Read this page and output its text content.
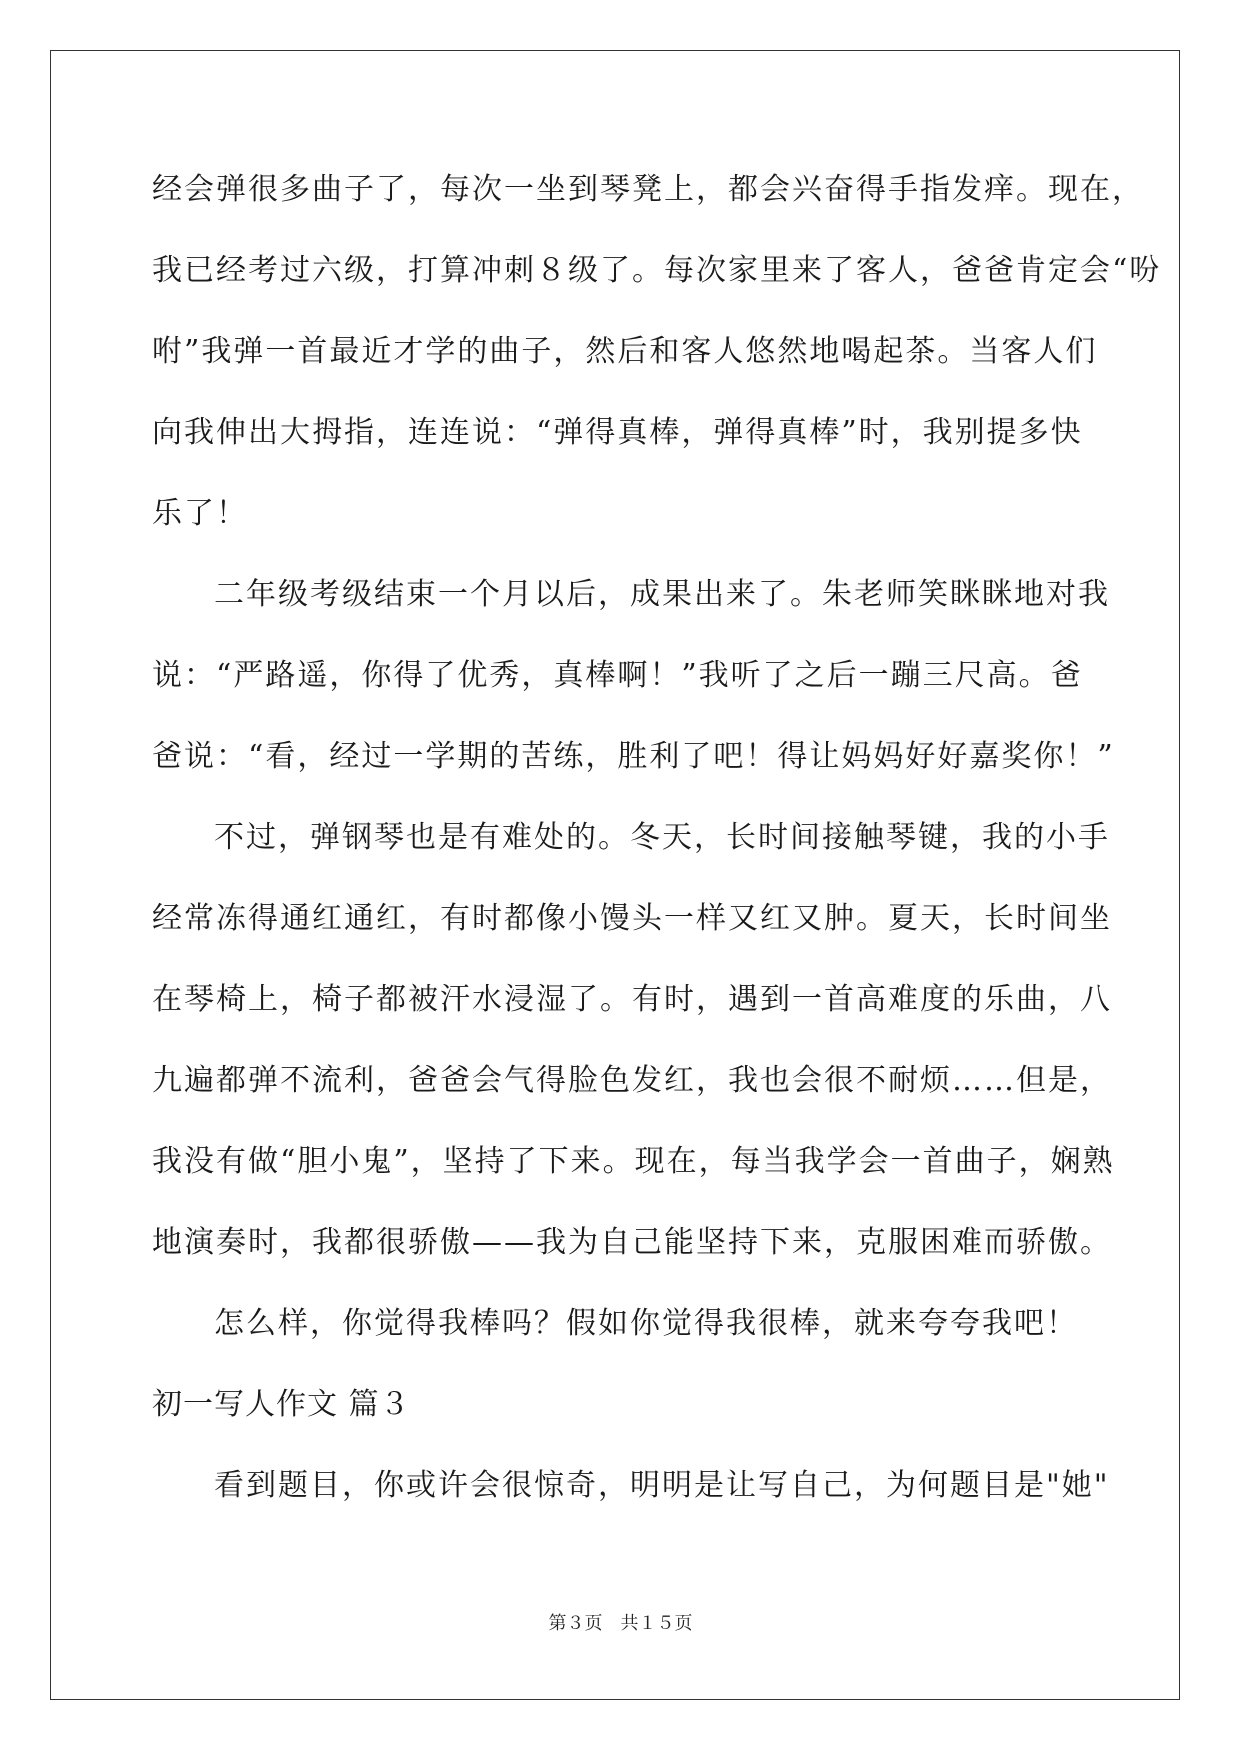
经会弹很多曲子了，每次一坐到琴凳上，都会兴奋得手指发痒。现在，
我已经考过六级，打算冲刺８级了。每次家里来了客人，爸爸肯定会“吩
咐”我弹一首最近才学的曲子，然后和客人悠然地喝起茶。当客人们
向我伸出大拇指，连连说：“弹得真棒，弹得真棒”时，我别提多快
乐了！
二年级考级结束一个月以后，成果出来了。朱老师笑眯眯地对我
说：“严路遥，你得了优秀，真棒啊！”我听了之后一蹦三尺高。爸
爸说：“看，经过一学期的苦练，胜利了吧！得让妈妈好好嘉奖你！”
不过，弹钢琴也是有难处的。冬天，长时间接触琴键，我的小手
经常冻得通红通红，有时都像小馒头一样又红又肿。夏天，长时间坐
在琴椅上，椅子都被汗水浸湿了。有时，遇到一首高难度的乐曲，八
九遍都弹不流利，爸爸会气得脸色发红，我也会很不耐烦……但是，
我没有做“胆小鬼”，坚持了下来。现在，每当我学会一首曲子，娴熟
地演奏时，我都很骄傲——我为自己能坚持下来，克服困难而骄傲。
怎么样，你觉得我棒吗？假如你觉得我很棒，就来夸夸我吧！
初一写人作文 篇３
看到题目，你或许会很惊奇，明明是让写自己，为何题目是"她"
第３页　共１５页
